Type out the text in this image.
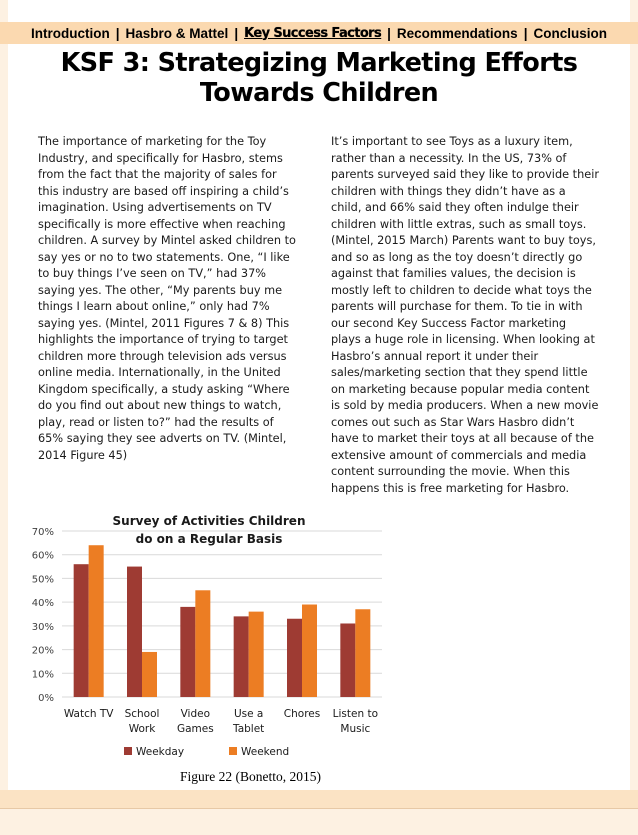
Introduction | Hasbro & Mattel | Key Success Factors | Recommendations | Conclusion
KSF 3: Strategizing Marketing Efforts Towards Children

The importance of marketing for the Toy Industry, and specifically for Hasbro, stems from the fact that the majority of sales for this industry are based off inspiring a child’s imagination. Using advertisements on TV specifically is more effective when reaching children. A survey by Mintel asked children to say yes or no to two statements. One, “I like to buy things I’ve seen on TV,” had 37% saying yes. The other, “My parents buy me things I learn about online,” only had 7% saying yes. (Mintel, 2011 Figures 7 & 8) This highlights the importance of trying to target children more through television ads versus online media. Internationally, in the United Kingdom specifically, a study asking “Where do you find out about new things to watch, play, read or listen to?” had the results of 65% saying they see adverts on TV. (Mintel, 2014 Figure 45)

It’s important to see Toys as a luxury item, rather than a necessity. In the US, 73% of parents surveyed said they like to provide their children with things they didn’t have as a child, and 66% said they often indulge their children with little extras, such as small toys. (Mintel, 2015 March) Parents want to buy toys, and so as long as the toy doesn’t directly go against that families values, the decision is mostly left to children to decide what toys the parents will purchase for them. To tie in with our second Key Success Factor marketing plays a huge role in licensing. When looking at Hasbro’s annual report it under their sales/marketing section that they spend little on marketing because popular media content is sold by media producers. When a new movie comes out such as Star Wars Hasbro didn’t have to market their toys at all because of the extensive amount of commercials and media content surrounding the movie. When this happens this is free marketing for Hasbro.

0%
10%
20%
30%
40%
50%
60%
70%
Watch TV School
Work
Video
Games
Use a
Tablet
Chores Listen to
Music
Survey of Activities Children
do on a Regular Basis
Weekday	Weekend
Figure 22 (Bonetto, 2015)
